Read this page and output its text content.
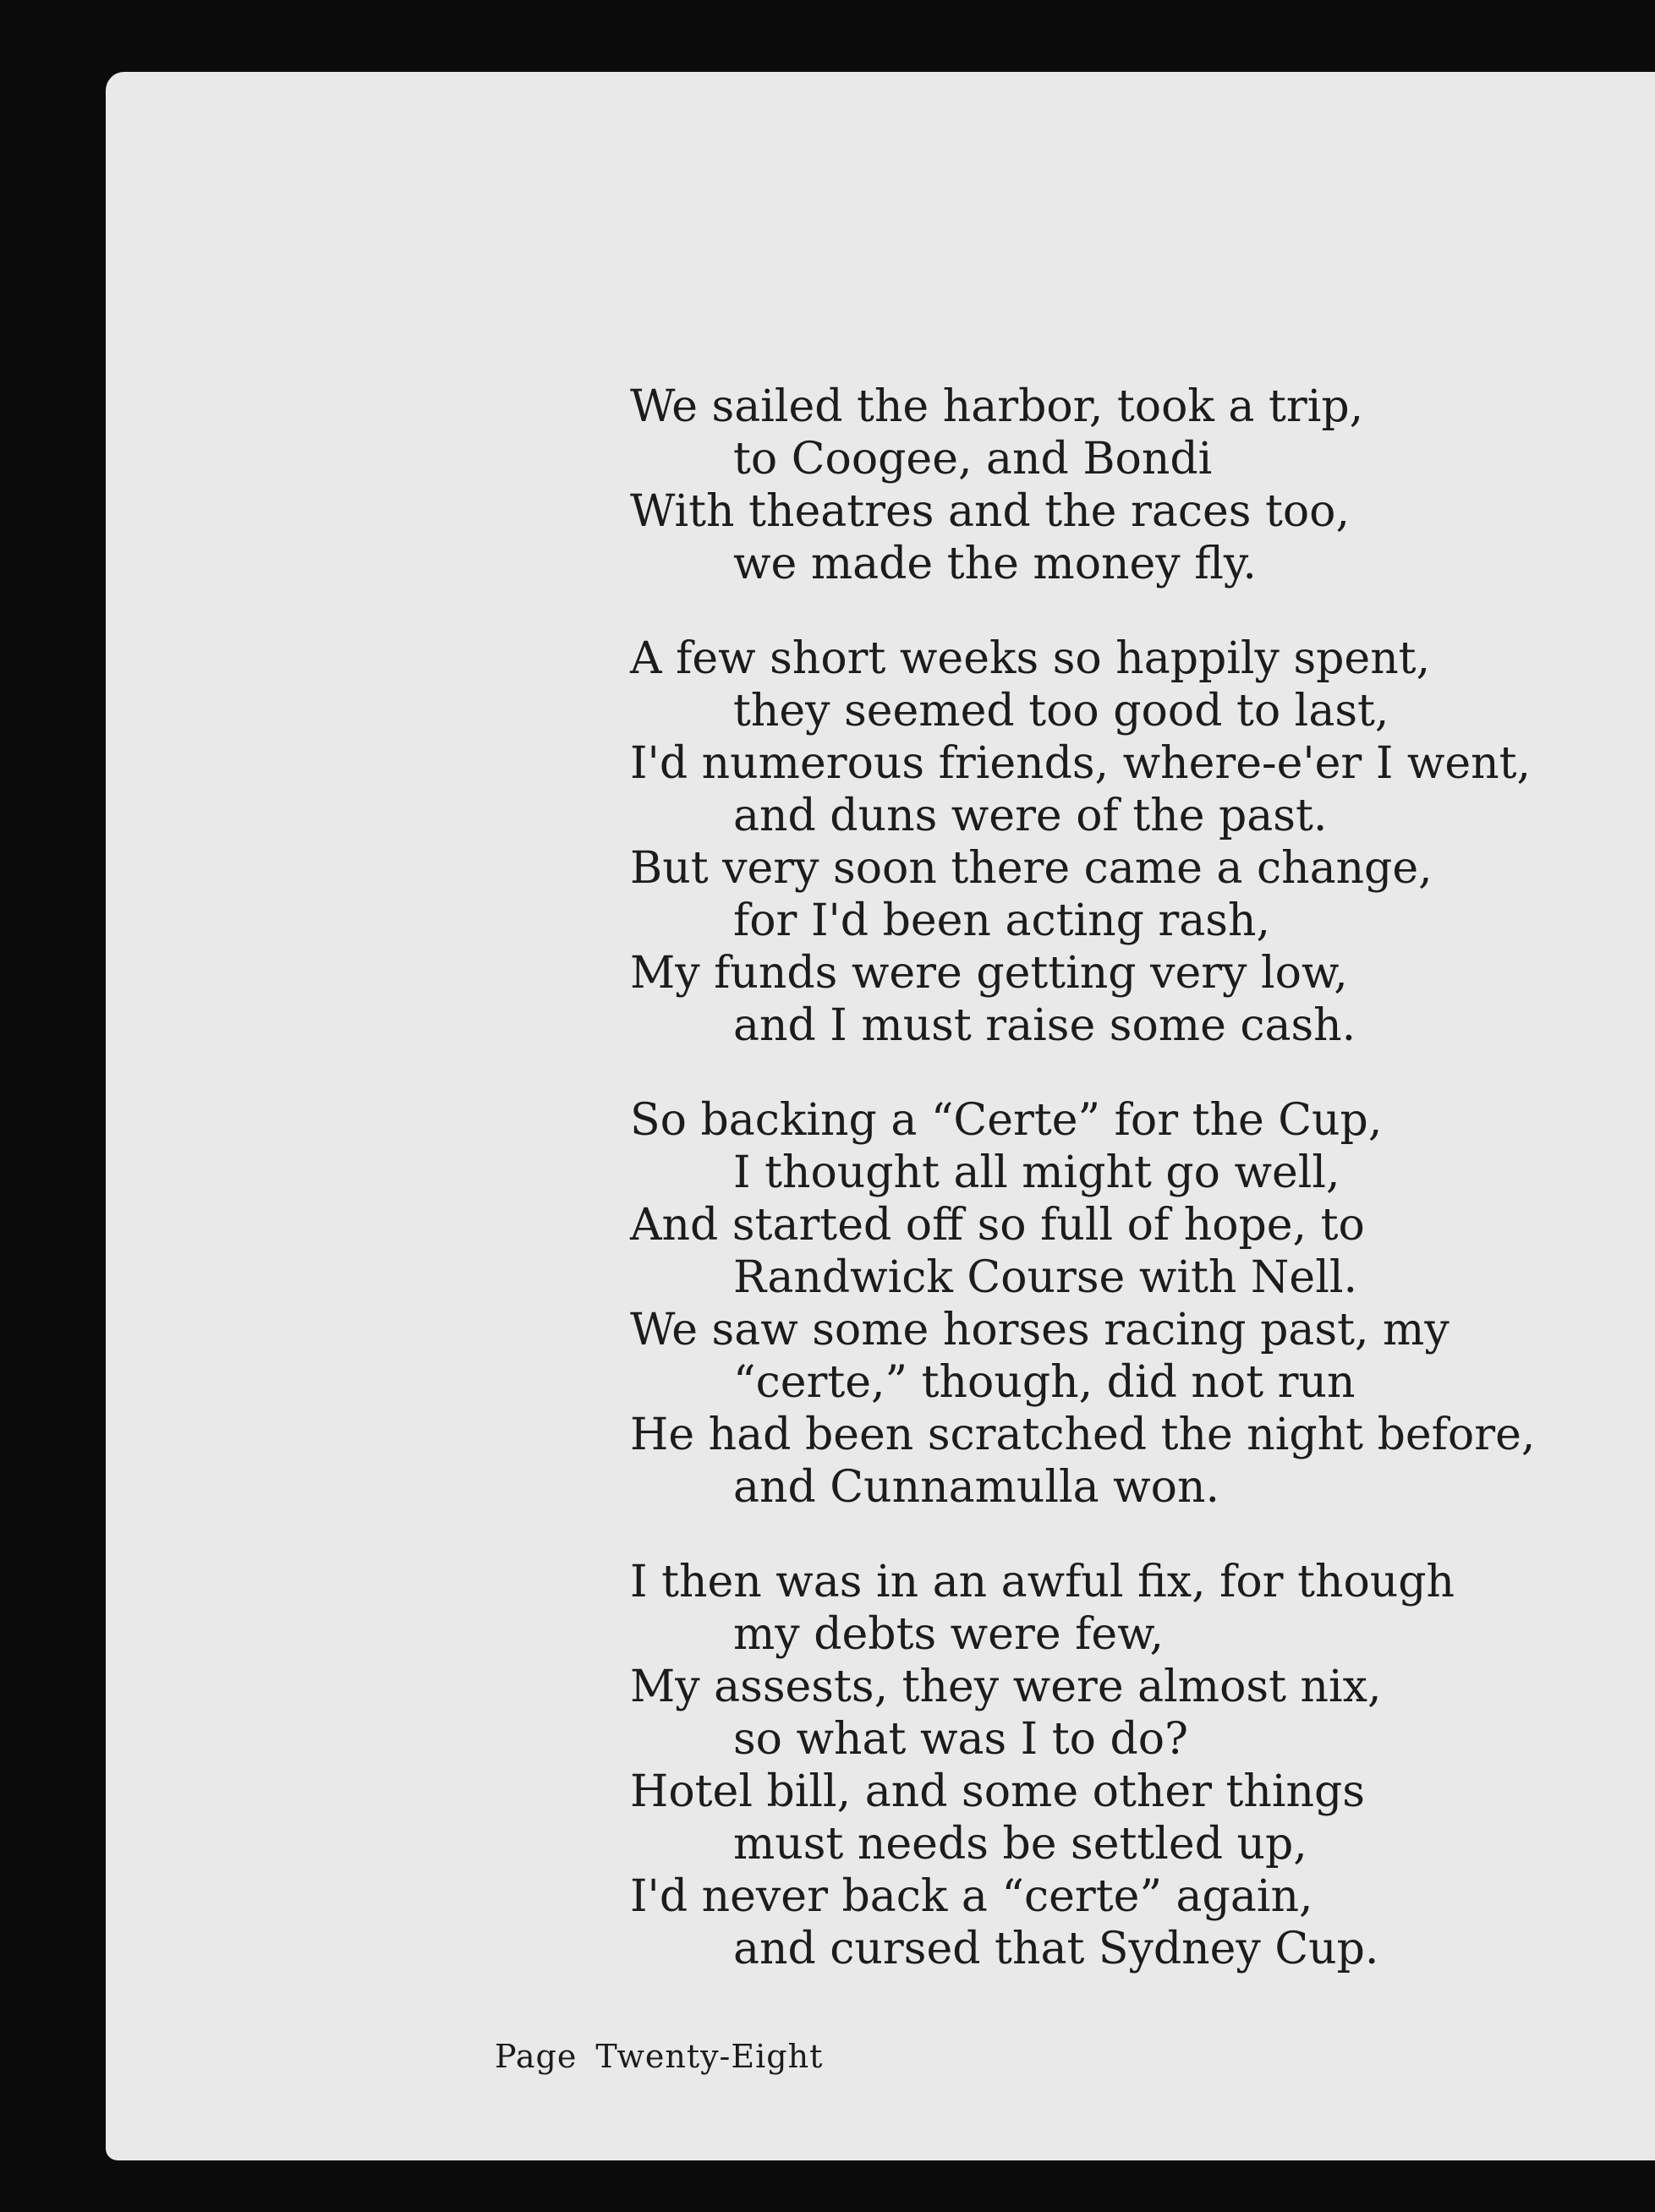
We sailed the harbor, took a trip,
to Coogee, and Bondi
With theatres and the races too,
we made the money fly.
A few short weeks so happily spent,
they seemed too good to last,
I'd numerous friends, where-e'er I went,
and duns were of the past.
But very soon there came a change,
for I'd been acting rash,
My funds were getting very low,
and I must raise some cash.
So backing a “Certe” for the Cup,
I thought all might go well,
And started off so full of hope, to
Randwick Course with Nell.
We saw some horses racing past, my
“certe,” though, did not run
He had been scratched the night before,
and Cunnamulla won.
I then was in an awful fix, for though
my debts were few,
My assests, they were almost nix,
so what was I to do?
Hotel bill, and some other things
must needs be settled up,
I'd never back a “certe” again,
and cursed that Sydney Cup.
Page Twenty-Eight
